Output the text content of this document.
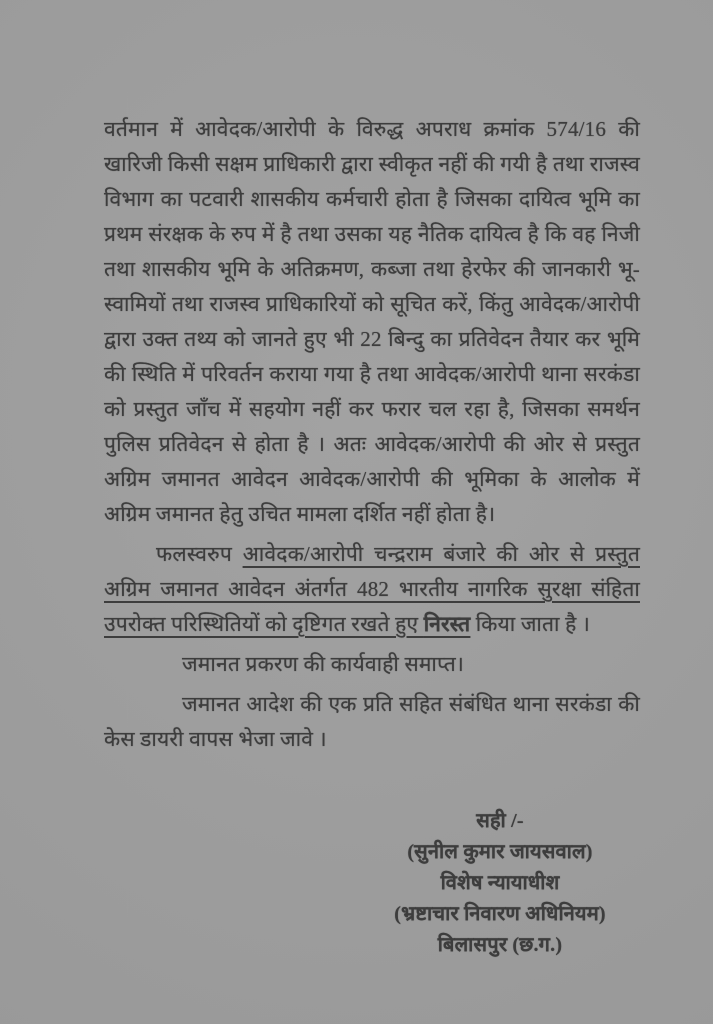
वर्तमान में आवेदक/आरोपी के विरुद्ध अपराध क्रमांक 574/16 की खारिजी किसी सक्षम प्राधिकारी द्वारा स्वीकृत नहीं की गयी है तथा राजस्व विभाग का पटवारी शासकीय कर्मचारी होता है जिसका दायित्व भूमि का प्रथम संरक्षक के रुप में है तथा उसका यह नैतिक दायित्व है कि वह निजी तथा शासकीय भूमि के अतिक्रमण, कब्जा तथा हेरफेर की जानकारी भू-स्वामियों तथा राजस्व प्राधिकारियों को सूचित करें, किंतु आवेदक/आरोपी द्वारा उक्त तथ्य को जानते हुए भी 22 बिन्दु का प्रतिवेदन तैयार कर भूमि की स्थिति में परिवर्तन कराया गया है तथा आवेदक/आरोपी थाना सरकंडा को प्रस्तुत जाँच में सहयोग नहीं कर फरार चल रहा है, जिसका समर्थन पुलिस प्रतिवेदन से होता है । अतः आवेदक/आरोपी की ओर से प्रस्तुत अग्रिम जमानत आवेदन आवेदक/आरोपी की भूमिका के आलोक में अग्रिम जमानत हेतु उचित मामला दर्शित नहीं होता है।

फलस्वरुप आवेदक/आरोपी चन्द्रराम बंजारे की ओर से प्रस्तुत अग्रिम जमानत आवेदन अंतर्गत 482 भारतीय नागरिक सुरक्षा संहिता उपरोक्त परिस्थितियों को दृष्टिगत रखते हुए निरस्त किया जाता है ।

जमानत प्रकरण की कार्यवाही समाप्त।

जमानत आदेश की एक प्रति सहित संबंधित थाना सरकंडा की केस डायरी वापस भेजा जावे ।

सही /-
(सुनील कुमार जायसवाल)
विशेष न्यायाधीश
(भ्रष्टाचार निवारण अधिनियम)
बिलासपुर (छ.ग.)
